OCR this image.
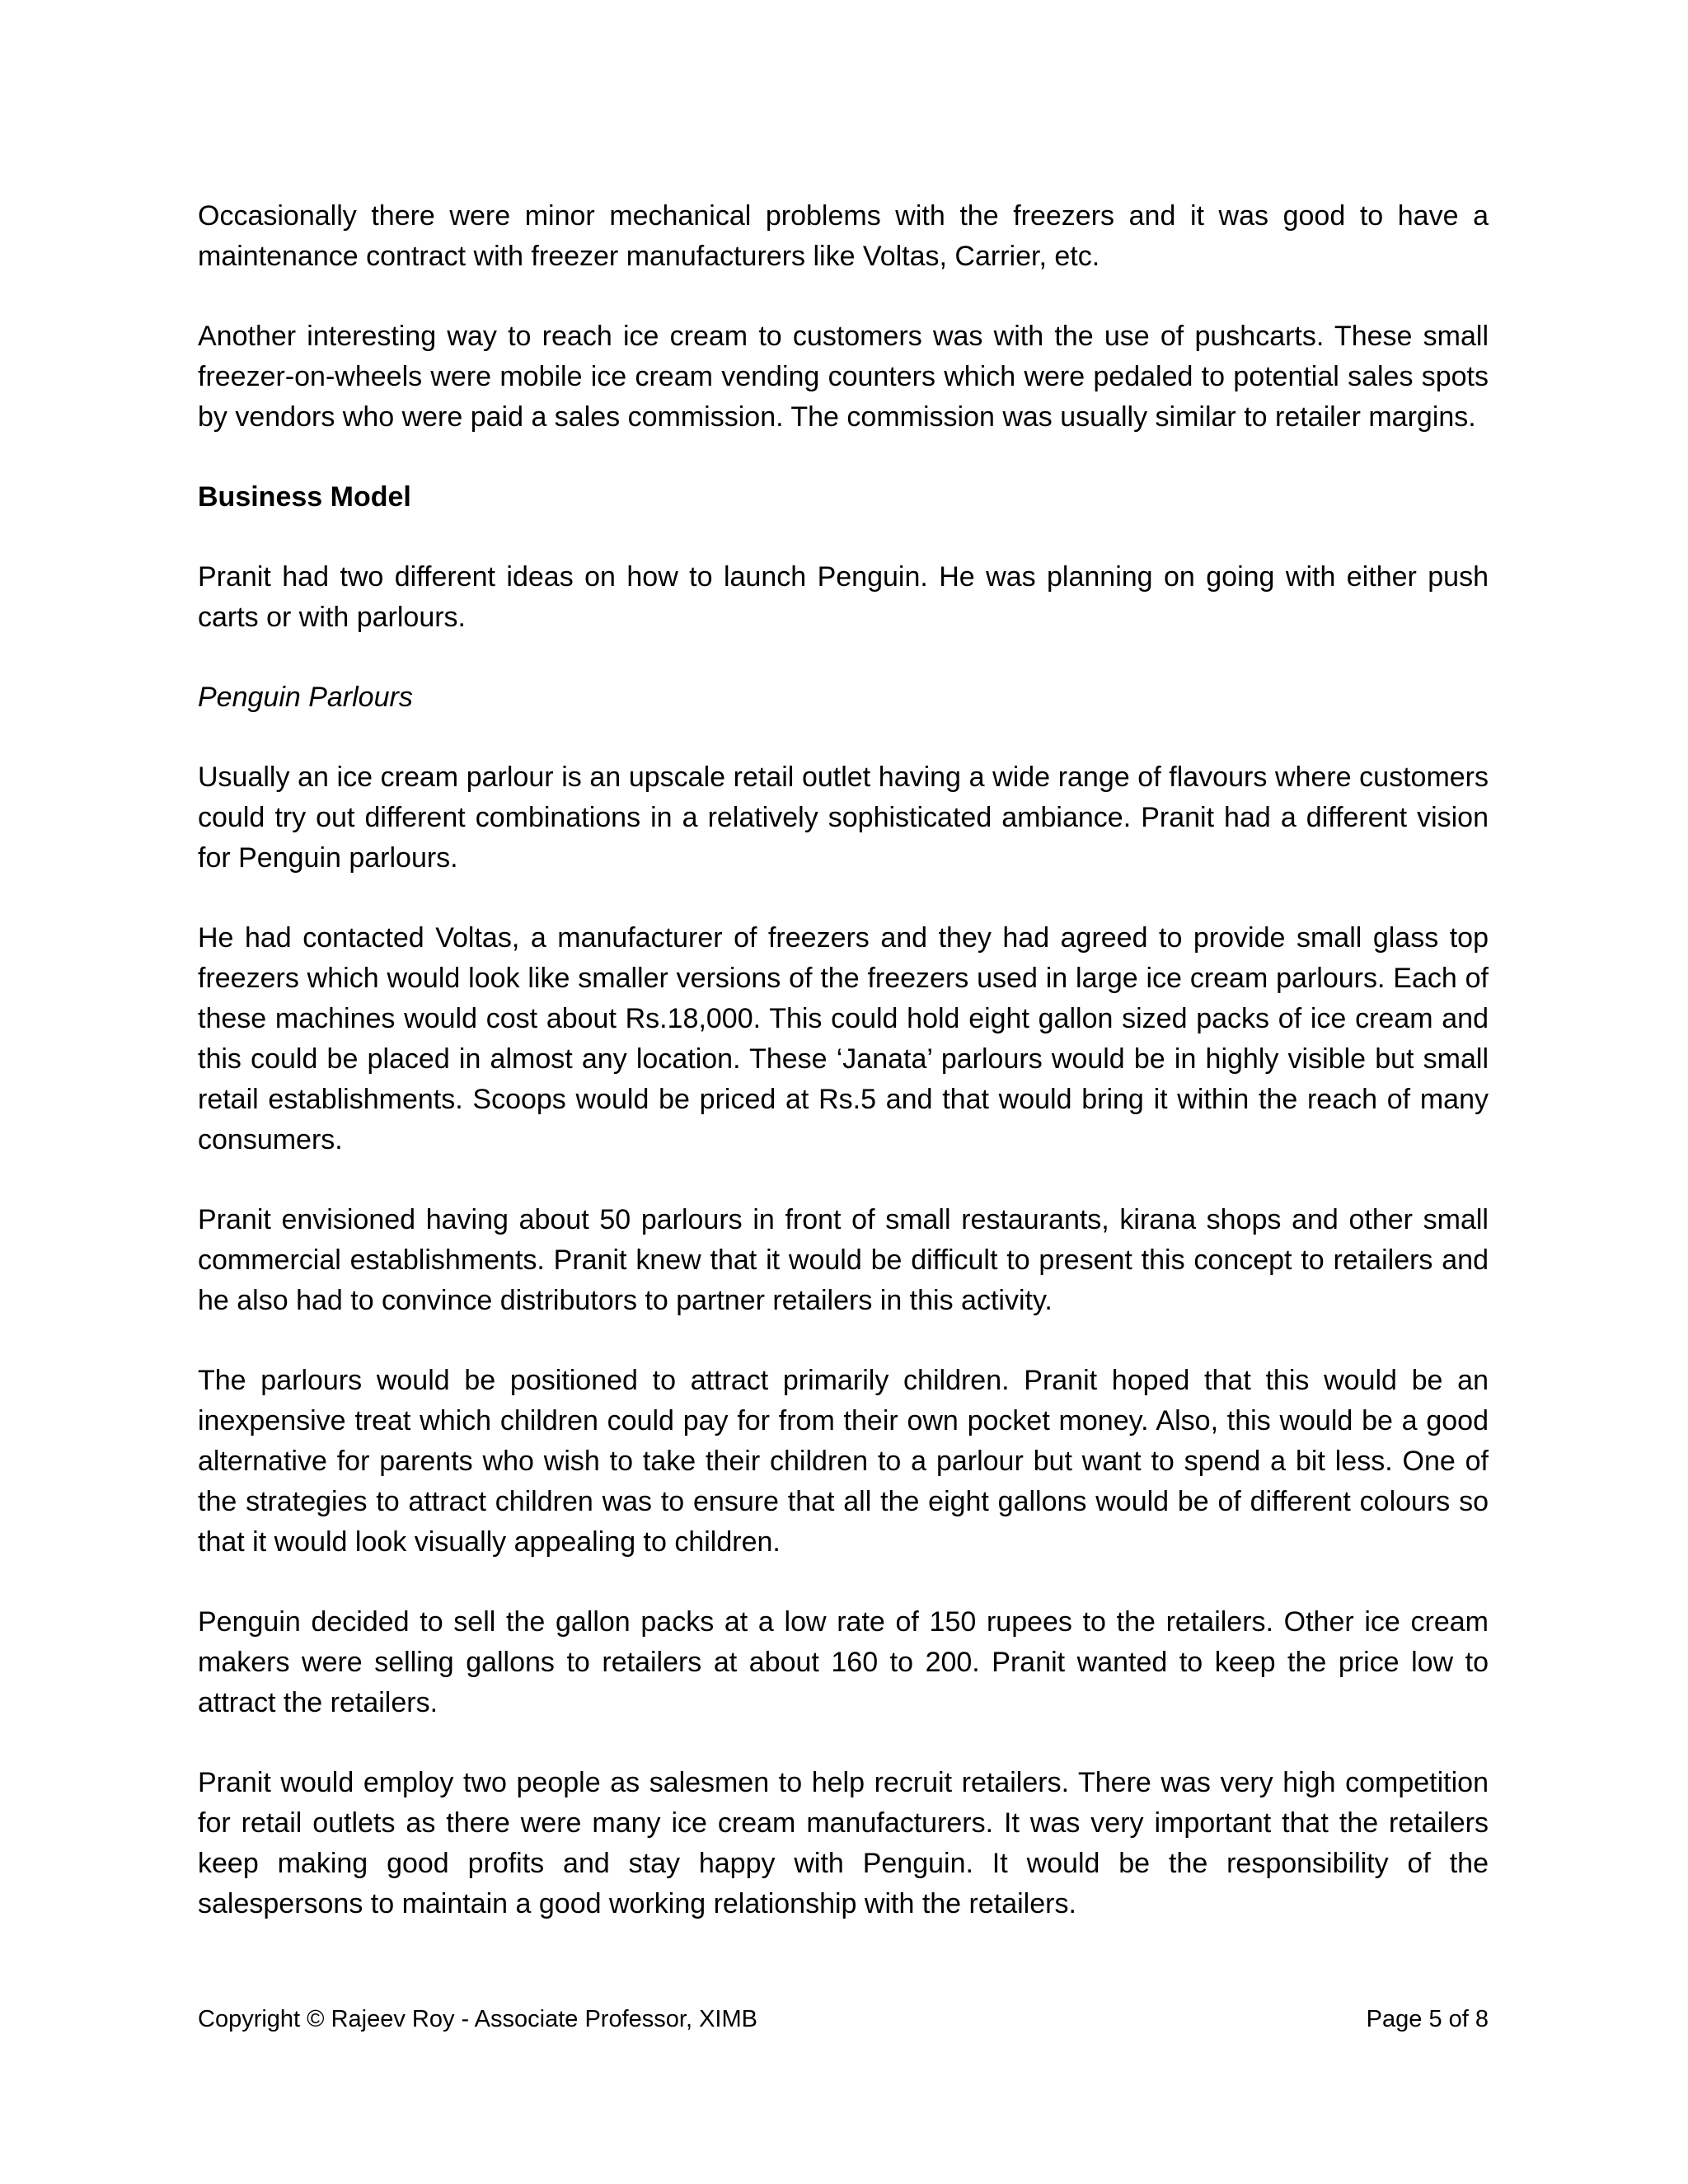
Occasionally there were minor mechanical problems with the freezers and it was good to have a maintenance contract with freezer manufacturers like Voltas, Carrier, etc.

Another interesting way to reach ice cream to customers was with the use of pushcarts. These small freezer-on-wheels were mobile ice cream vending counters which were pedaled to potential sales spots by vendors who were paid a sales commission. The commission was usually similar to retailer margins.

Business Model

Pranit had two different ideas on how to launch Penguin. He was planning on going with either push carts or with parlours.

Penguin Parlours

Usually an ice cream parlour is an upscale retail outlet having a wide range of flavours where customers could try out different combinations in a relatively sophisticated ambiance. Pranit had a different vision for Penguin parlours.

He had contacted Voltas, a manufacturer of freezers and they had agreed to provide small glass top freezers which would look like smaller versions of the freezers used in large ice cream parlours. Each of these machines would cost about Rs.18,000. This could hold eight gallon sized packs of ice cream and this could be placed in almost any location. These ‘Janata’ parlours would be in highly visible but small retail establishments. Scoops would be priced at Rs.5 and that would bring it within the reach of many consumers.

Pranit envisioned having about 50 parlours in front of small restaurants, kirana shops and other small commercial establishments. Pranit knew that it would be difficult to present this concept to retailers and he also had to convince distributors to partner retailers in this activity.

The parlours would be positioned to attract primarily children. Pranit hoped that this would be an inexpensive treat which children could pay for from their own pocket money. Also, this would be a good alternative for parents who wish to take their children to a parlour but want to spend a bit less. One of the strategies to attract children was to ensure that all the eight gallons would be of different colours so that it would look visually appealing to children.

Penguin decided to sell the gallon packs at a low rate of 150 rupees to the retailers. Other ice cream makers were selling gallons to retailers at about 160 to 200. Pranit wanted to keep the price low to attract the retailers.

Pranit would employ two people as salesmen to help recruit retailers. There was very high competition for retail outlets as there were many ice cream manufacturers. It was very important that the retailers keep making good profits and stay happy with Penguin. It would be the responsibility of the salespersons to maintain a good working relationship with the retailers.

Copyright © Rajeev Roy - Associate Professor, XIMB	Page 5 of 8
